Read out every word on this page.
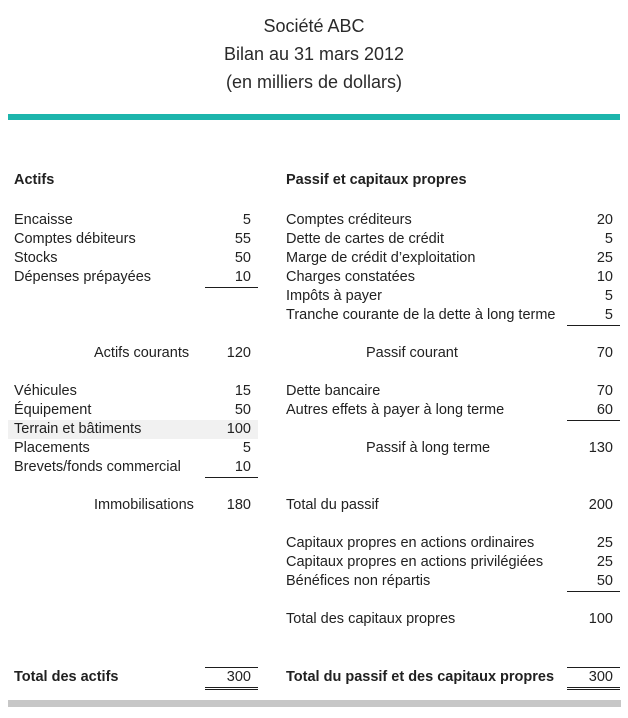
Société ABC
Bilan au 31 mars 2012
(en milliers de dollars)
Actifs
Encaisse	5
Comptes débiteurs	55
Stocks	50
Dépenses prépayées	10
Actifs courants	120
Véhicules	15
Équipement	50
Terrain et bâtiments	100
Placements	5
Brevets/fonds commercial	10
Immobilisations	180
Total des actifs	300
Passif et capitaux propres
Comptes créditeurs	20
Dette de cartes de crédit	5
Marge de crédit d’exploitation	25
Charges constatées	10
Impôts à payer	5
Tranche courante de la dette à long terme	5
Passif courant	70
Dette bancaire	70
Autres effets à payer à long terme	60
Passif à long terme	130
Total du passif	200
Capitaux propres en actions ordinaires	25
Capitaux propres en actions privilégiées	25
Bénéfices non répartis	50
Total des capitaux propres	100
Total du passif et des capitaux propres	300
